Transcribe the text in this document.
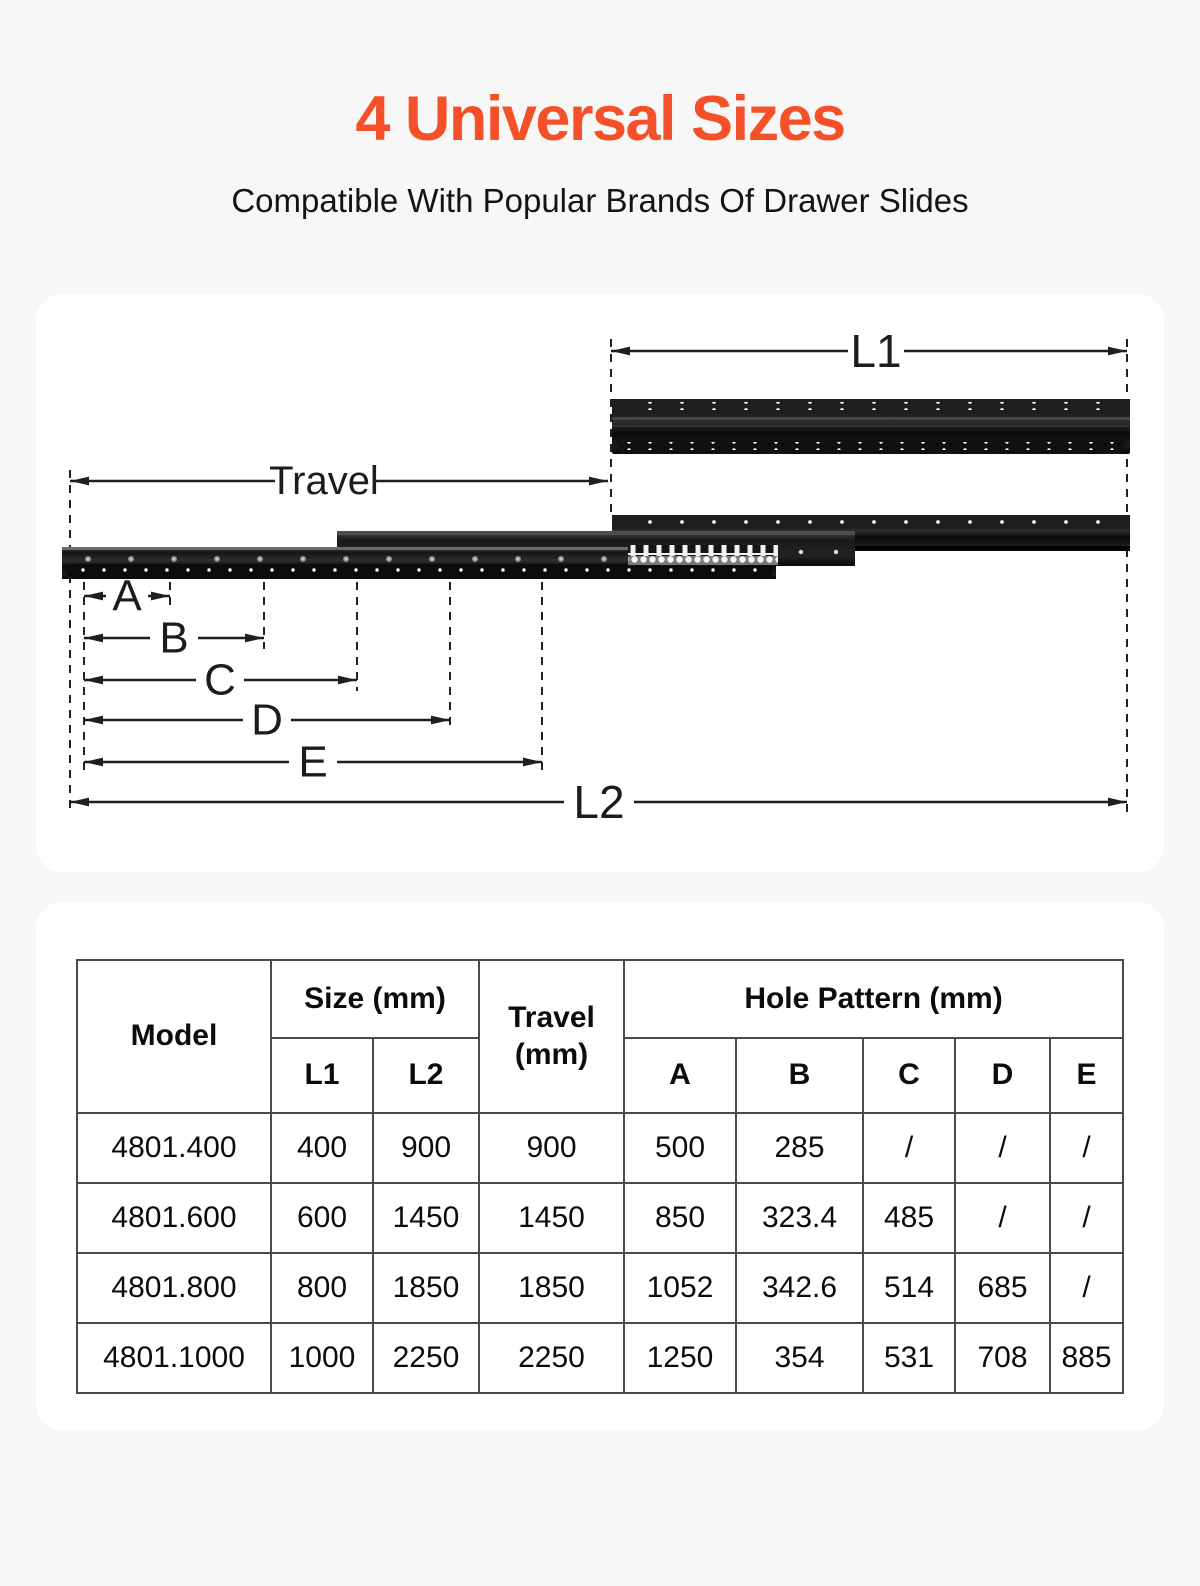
4 Universal Sizes

Compatible With Popular Brands Of Drawer Slides

L1
Travel
A
B
C
D
E
L2
Model	Size (mm)		Travel (mm)	Hole Pattern (mm)				
	L1	L2		A	B	C	D	E
4801.400	400	900	900	500	285	/	/	/
4801.600	600	1450	1450	850	323.4	485	/	/
4801.800	800	1850	1850	1052	342.6	514	685	/
4801.1000	1000	2250	2250	1250	354	531	708	885
